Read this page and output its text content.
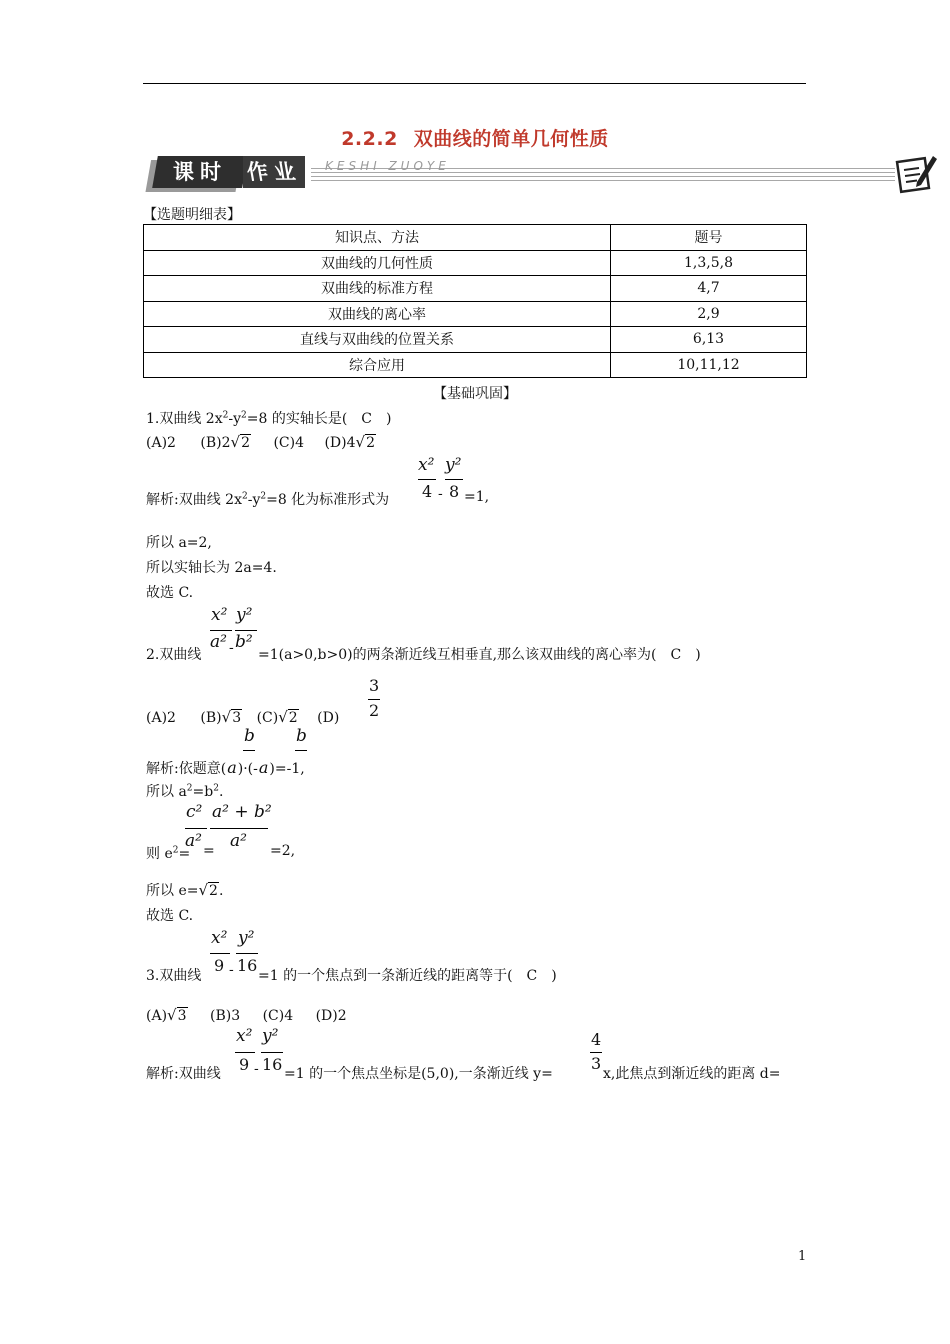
2.2.2 双曲线的简单几何性质
课时 作业 KESHI ZUOYE
【选题明细表】
知识点、方法	题号
双曲线的几何性质	1,3,5,8
双曲线的标准方程	4,7
双曲线的离心率	2,9
直线与双曲线的位置关系	6,13
综合应用	10,11,12
【基础巩固】
1.双曲线 $2x^2-y^2=8$ 的实轴长是(　C　)
(A)2 (B)2√2 (C)4 (D)4√2
x²
4 -
y²
8
解析:双曲线 $2x^2-y^2=8$ 化为标准形式为	=1,
所以 a=2,
所以实轴长为 2a=4.
故选 C.
x²
a² -
y²
b²
2.双曲线	=1(a>0,b>0)的两条渐近线互相垂直,那么该双曲线的离心率为(　C　)
3
2
(A)2 (B)√3 (C)√2 (D)
b b
解析:依题意(a)·(-a)=-1,
所以 $a^2=b^2$.
c²
a²
a² + b²
a²
则 $e^2=$ =	=2,
所以 e=√2.
故选 C.
x²
9 -
y²
16
3.双曲线	=1 的一个焦点到一条渐近线的距离等于(　C　)
(A)√3 (B)3 (C)4 (D)2
x²
9 -
y²
16
4
3
解析:双曲线	=1 的一个焦点坐标是(5,0),一条渐近线 y=	x,此焦点到渐近线的距离 d=
1
